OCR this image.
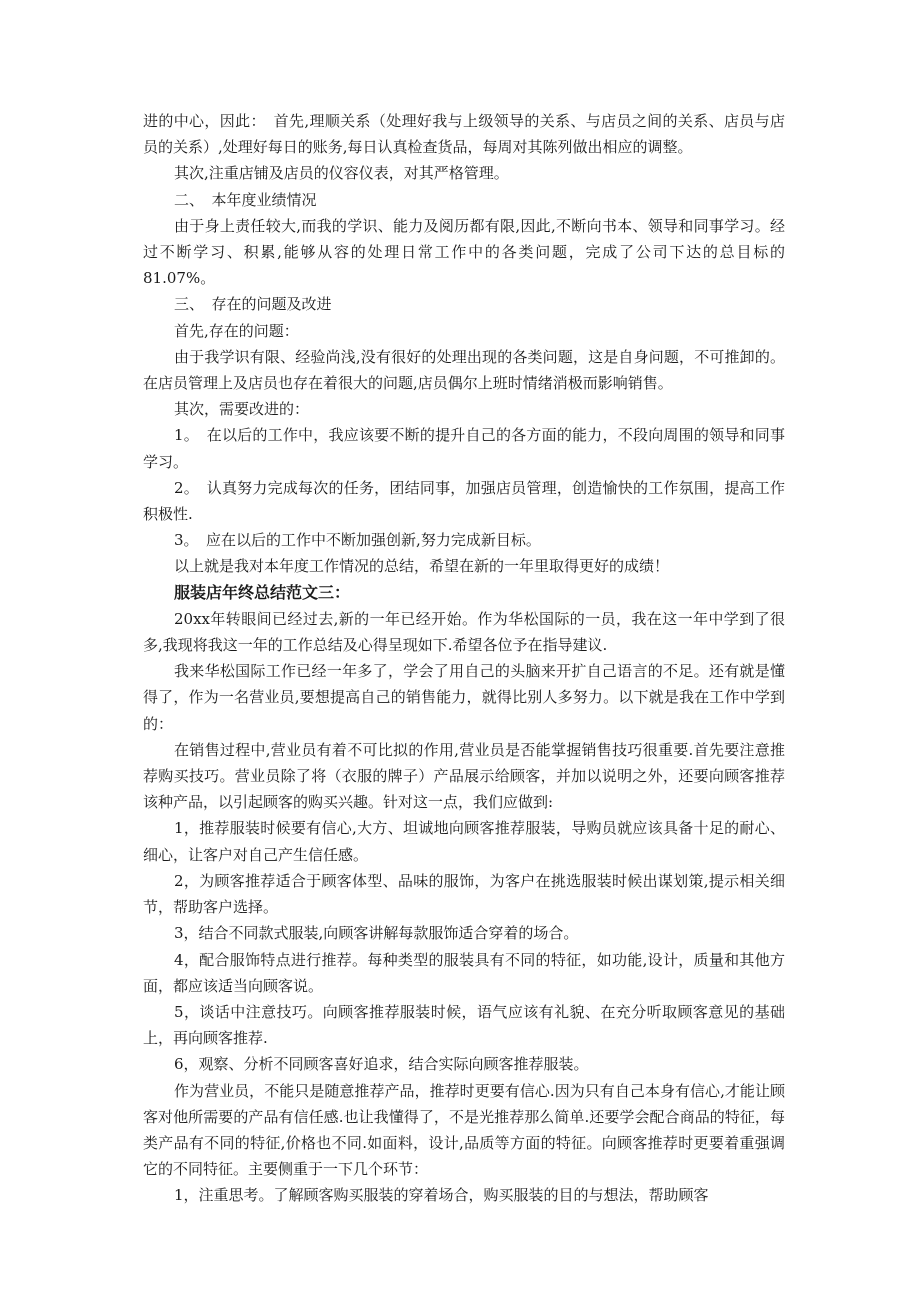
进的中心，因此：　首先,理顺关系（处理好我与上级领导的关系、与店员之间的关系、店员与店员的关系）,处理好每日的账务,每日认真检查货品，每周对其陈列做出相应的调整。

其次,注重店铺及店员的仪容仪表，对其严格管理。

二、　本年度业绩情况

由于身上责任较大,而我的学识、能力及阅历都有限,因此,不断向书本、领导和同事学习。经过不断学习、积累,能够从容的处理日常工作中的各类问题，完成了公司下达的总目标的81.07%。

三、　存在的问题及改进

首先,存在的问题：

由于我学识有限、经验尚浅,没有很好的处理出现的各类问题，这是自身问题，不可推卸的。在店员管理上及店员也存在着很大的问题,店员偶尔上班时情绪消极而影响销售。

其次，需要改进的：

1。　在以后的工作中，我应该要不断的提升自己的各方面的能力，不段向周围的领导和同事学习。

2。　认真努力完成每次的任务，团结同事，加强店员管理，创造愉快的工作氛围，提高工作积极性.

3。　应在以后的工作中不断加强创新,努力完成新目标。

以上就是我对本年度工作情况的总结，希望在新的一年里取得更好的成绩！

服装店年终总结范文三：

20xx年转眼间已经过去,新的一年已经开始。作为华松国际的一员，我在这一年中学到了很多,我现将我这一年的工作总结及心得呈现如下.希望各位予在指导建议.

我来华松国际工作已经一年多了，学会了用自己的头脑来开扩自己语言的不足。还有就是懂得了，作为一名营业员,要想提高自己的销售能力，就得比别人多努力。以下就是我在工作中学到的：

在销售过程中,营业员有着不可比拟的作用,营业员是否能掌握销售技巧很重要.首先要注意推荐购买技巧。营业员除了将（衣服的牌子）产品展示给顾客，并加以说明之外，还要向顾客推荐该种产品，以引起顾客的购买兴趣。针对这一点，我们应做到:

1，推荐服装时候要有信心,大方、坦诚地向顾客推荐服装，导购员就应该具备十足的耐心、细心，让客户对自己产生信任感。

2，为顾客推荐适合于顾客体型、品味的服饰，为客户在挑选服装时候出谋划策,提示相关细节，帮助客户选择。

3，结合不同款式服装,向顾客讲解每款服饰适合穿着的场合。

4，配合服饰特点进行推荐。每种类型的服装具有不同的特征，如功能,设计，质量和其他方面，都应该适当向顾客说。

5，谈话中注意技巧。向顾客推荐服装时候，语气应该有礼貌、在充分听取顾客意见的基础上，再向顾客推荐.

6，观察、分析不同顾客喜好追求，结合实际向顾客推荐服装。

作为营业员，不能只是随意推荐产品，推荐时更要有信心.因为只有自己本身有信心,才能让顾客对他所需要的产品有信任感.也让我懂得了，不是光推荐那么简单.还要学会配合商品的特征，每类产品有不同的特征,价格也不同.如面料，设计,品质等方面的特征。向顾客推荐时更要着重强调它的不同特征。主要侧重于一下几个环节：

1，注重思考。了解顾客购买服装的穿着场合，购买服装的目的与想法，帮助顾客
